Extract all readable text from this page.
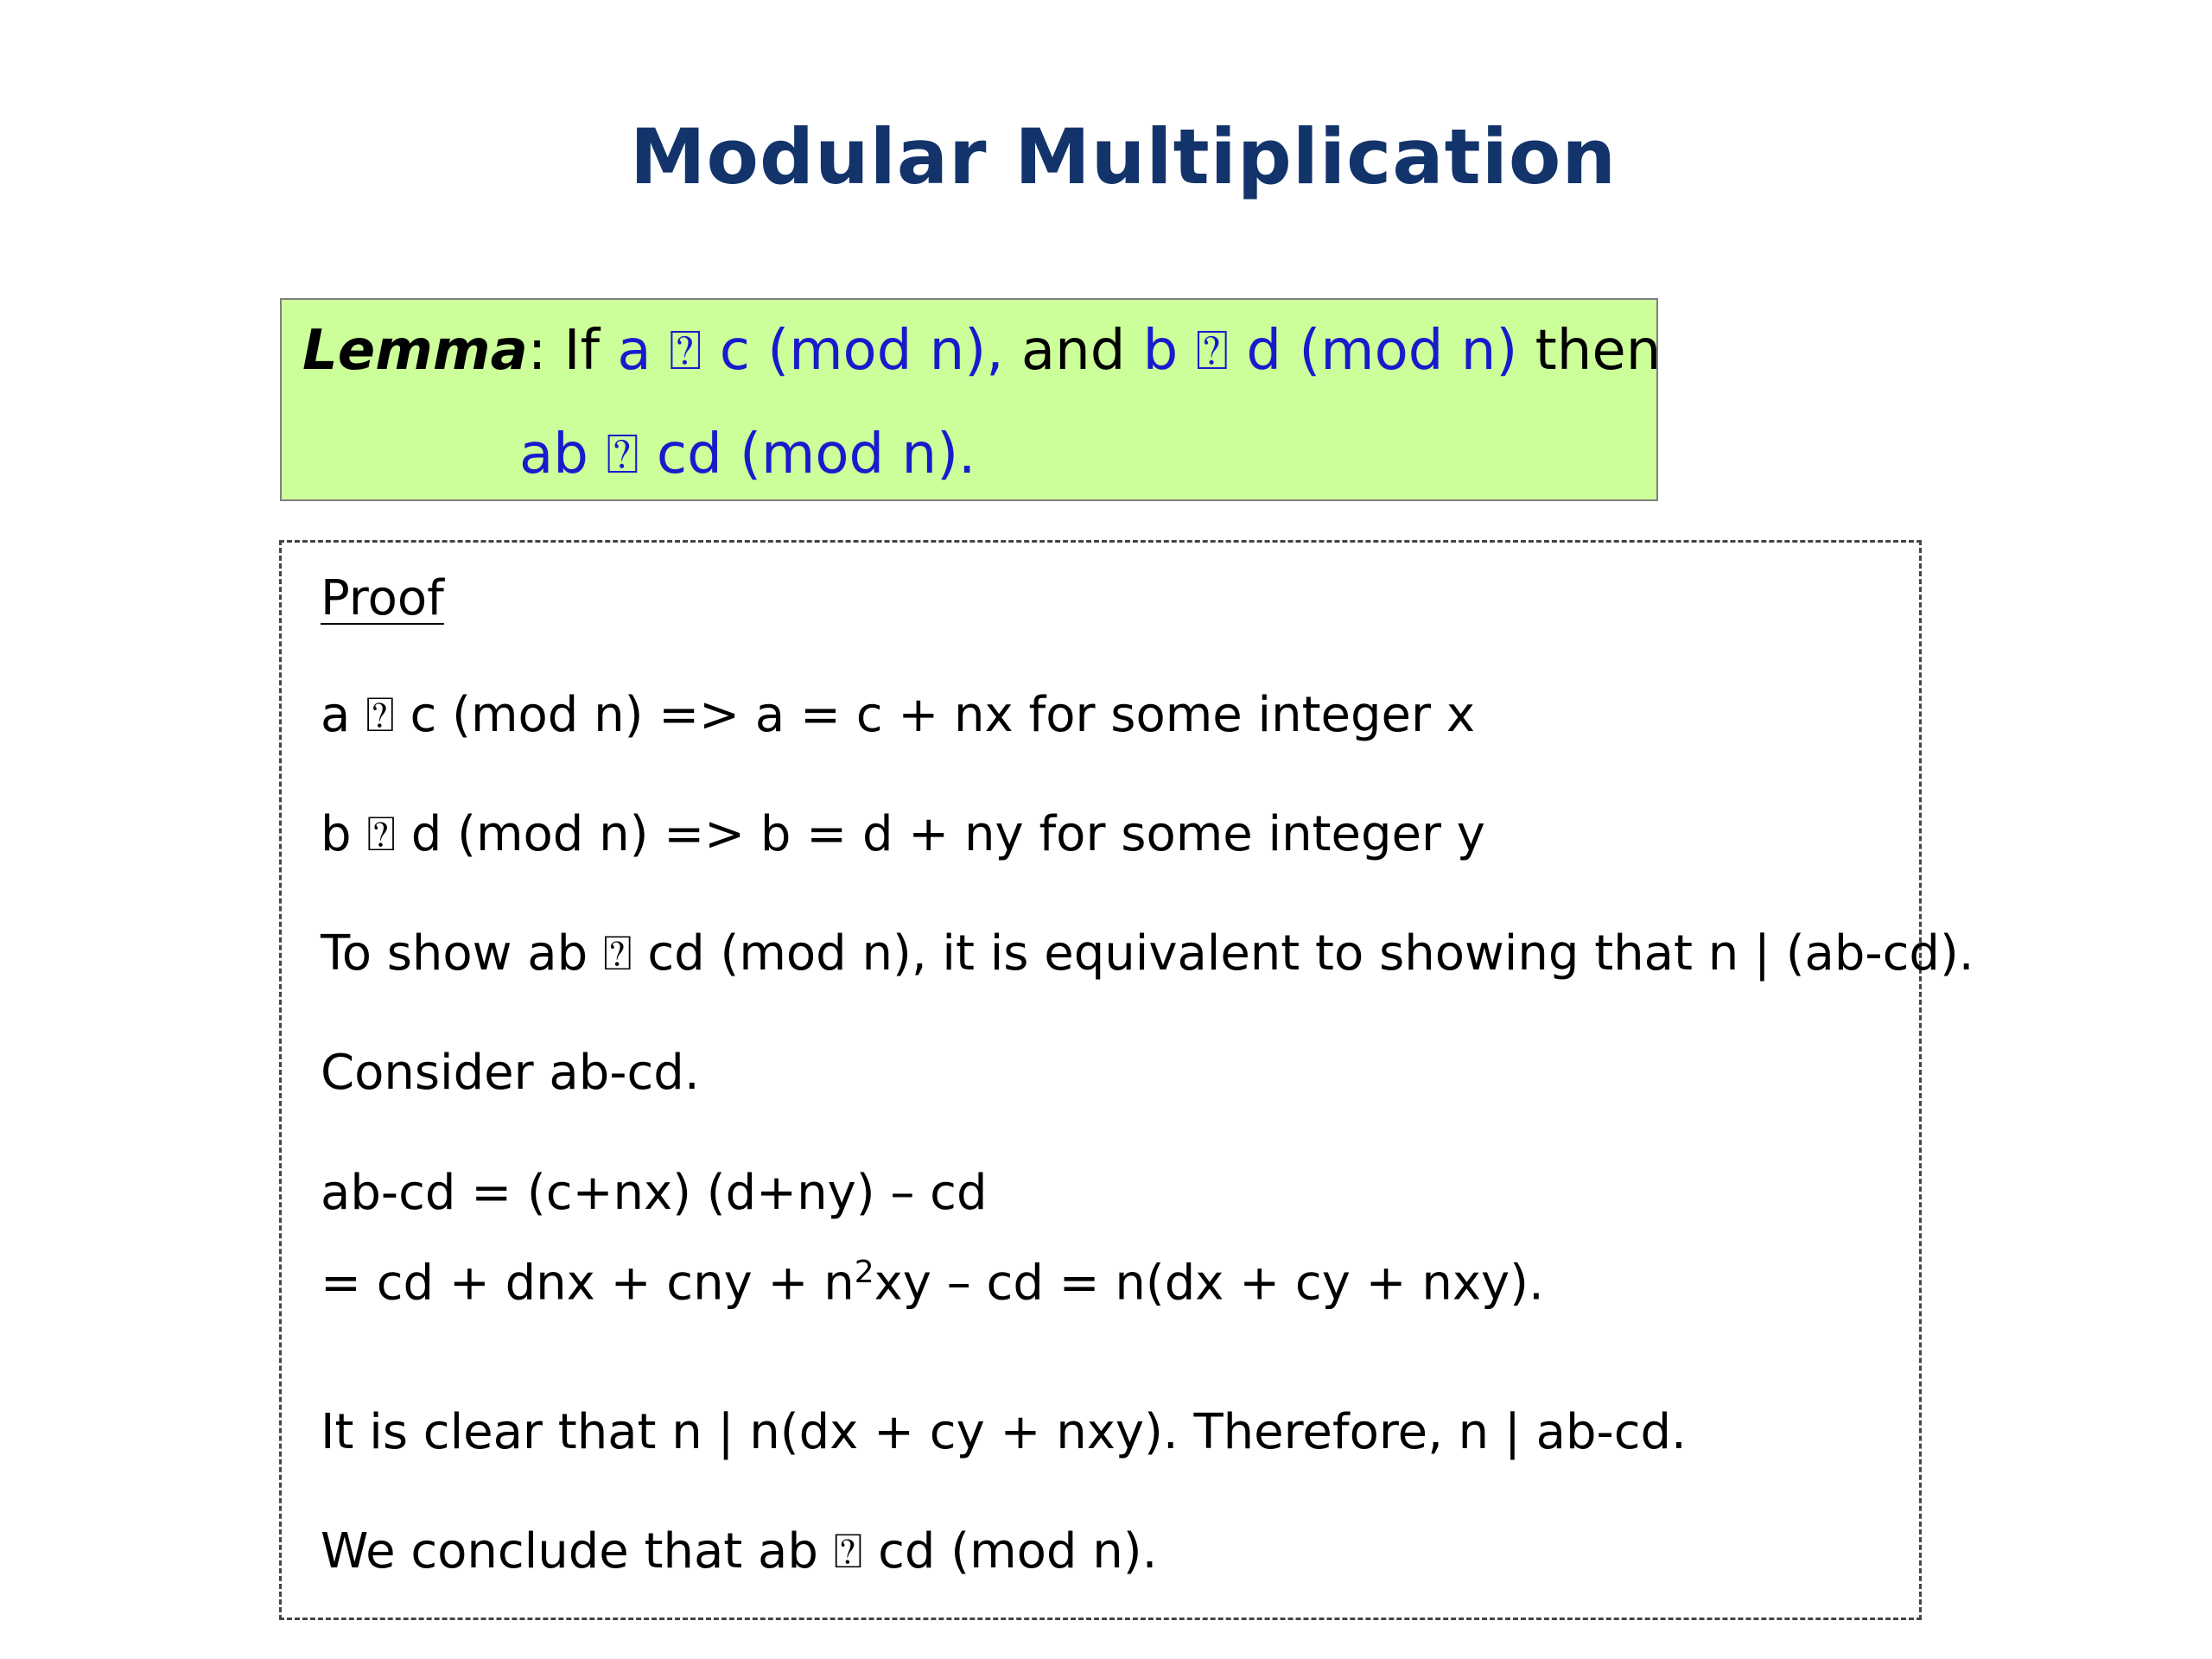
Modular Multiplication
Lemma: If a ⍰ c (mod n), and b ⍰ d (mod n) then
ab ⍰ cd (mod n).
Proof
a ⍰ c (mod n) => a = c + nx for some integer x
b ⍰ d (mod n) => b = d + ny for some integer y
To show ab ⍰ cd (mod n), it is equivalent to showing that n | (ab-cd).
Consider ab-cd.
ab-cd = (c+nx) (d+ny) – cd
= cd + dnx + cny + $n^2xy$ – cd = n(dx + cy + nxy).
It is clear that n | n(dx + cy + nxy). Therefore, n | ab-cd.
We conclude that ab ⍰ cd (mod n).
